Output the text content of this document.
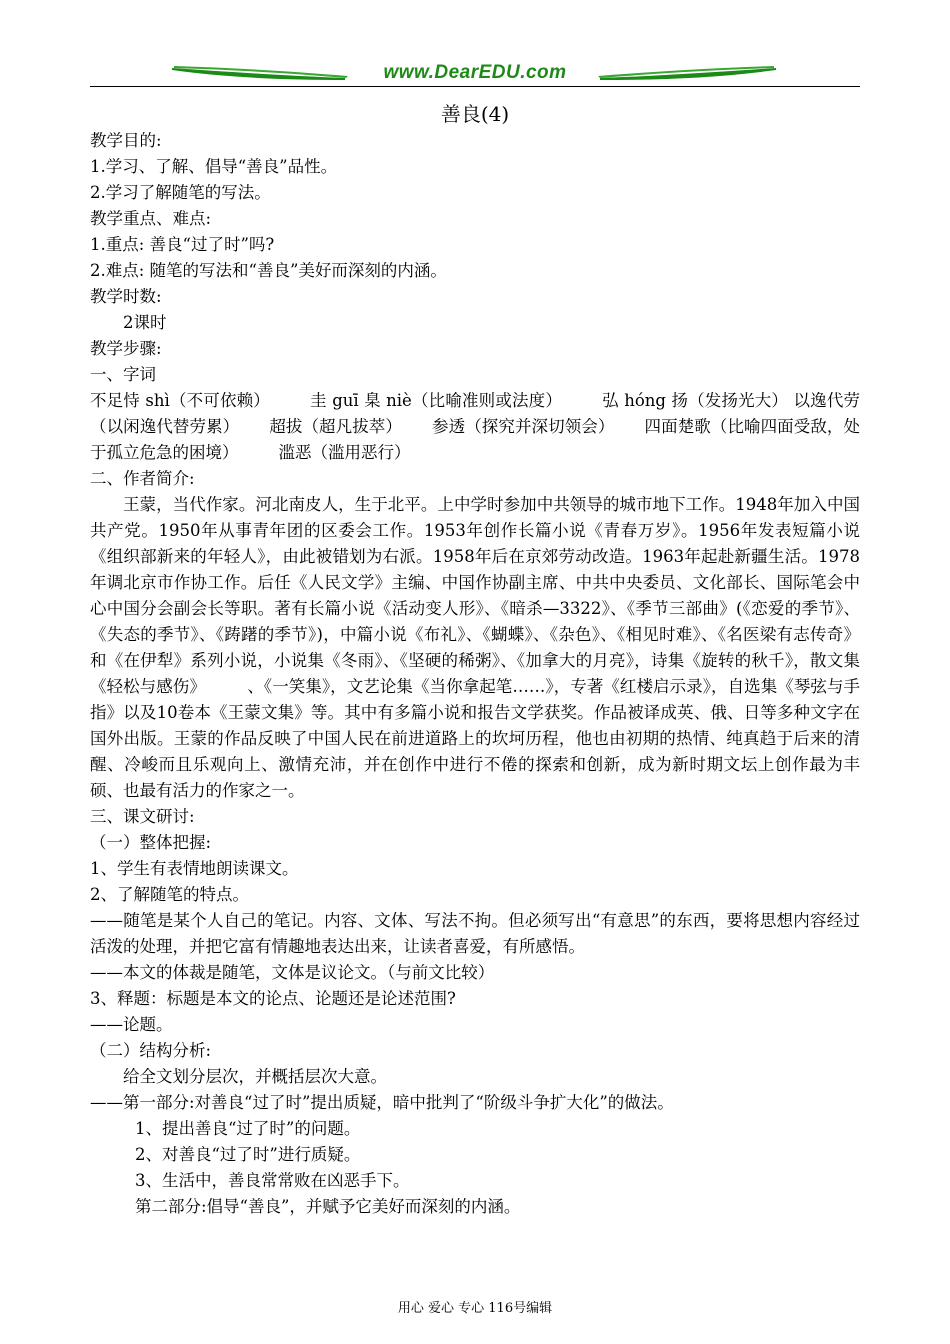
www.DearEDU.com
善良(4)

教学目的:

1.学习、了解、倡导“善良”品性。

2.学习了解随笔的写法。

教学重点、难点:

1.重点: 善良“过了时”吗?

2.难点: 随笔的写法和“善良”美好而深刻的内涵。

教学时数:

2课时

教学步骤:

一、字词

不足恃 shì（不可依赖） 圭 guī 臬 niè（比喻准则或法度） 弘 hóng 扬（发扬光大） 以逸代劳（以闲逸代替劳累） 超拔（超凡拔萃） 参透（探究并深切领会） 四面楚歌（比喻四面受敌，处于孤立危急的困境） 滥恶（滥用恶行）

二、作者简介:

王蒙，当代作家。河北南皮人，生于北平。上中学时参加中共领导的城市地下工作。1948年加入中国共产党。1950年从事青年团的区委会工作。1953年创作长篇小说《青春万岁》。1956年发表短篇小说《组织部新来的年轻人》，由此被错划为右派。1958年后在京郊劳动改造。1963年起赴新疆生活。1978年调北京市作协工作。后任《人民文学》主编、中国作协副主席、中共中央委员、文化部长、国际笔会中心中国分会副会长等职。著有长篇小说《活动变人形》、《暗杀—3322》、《季节三部曲》(《恋爱的季节》、《失态的季节》、《踌躇的季节》)，中篇小说《布礼》、《蝴蝶》、《杂色》、《相见时难》、《名医梁有志传奇》和《在伊犁》系列小说，小说集《冬雨》、《坚硬的稀粥》、《加拿大的月亮》，诗集《旋转的秋千》，散文集《轻松与感伤》　　　、《一笑集》，文艺论集《当你拿起笔……》，专著《红楼启示录》，自选集《琴弦与手指》以及10卷本《王蒙文集》等。其中有多篇小说和报告文学获奖。作品被译成英、俄、日等多种文字在国外出版。王蒙的作品反映了中国人民在前进道路上的坎坷历程，他也由初期的热情、纯真趋于后来的清醒、冷峻而且乐观向上、激情充沛，并在创作中进行不倦的探索和创新，成为新时期文坛上创作最为丰硕、也最有活力的作家之一。

三、课文研讨:

（一）整体把握:

1、学生有表情地朗读课文。

2、了解随笔的特点。

——随笔是某个人自己的笔记。内容、文体、写法不拘。但必须写出“有意思”的东西，要将思想内容经过活泼的处理，并把它富有情趣地表达出来，让读者喜爱，有所感悟。

——本文的体裁是随笔，文体是议论文。（与前文比较）

3、释题：标题是本文的论点、论题还是论述范围?

——论题。

（二）结构分析:

给全文划分层次，并概括层次大意。

——第一部分:对善良“过了时”提出质疑，暗中批判了“阶级斗争扩大化”的做法。

1、提出善良“过了时”的问题。

2、对善良“过了时”进行质疑。

3、生活中，善良常常败在凶恶手下。

第二部分:倡导“善良”，并赋予它美好而深刻的内涵。

用心 爱心 专心 116号编辑
